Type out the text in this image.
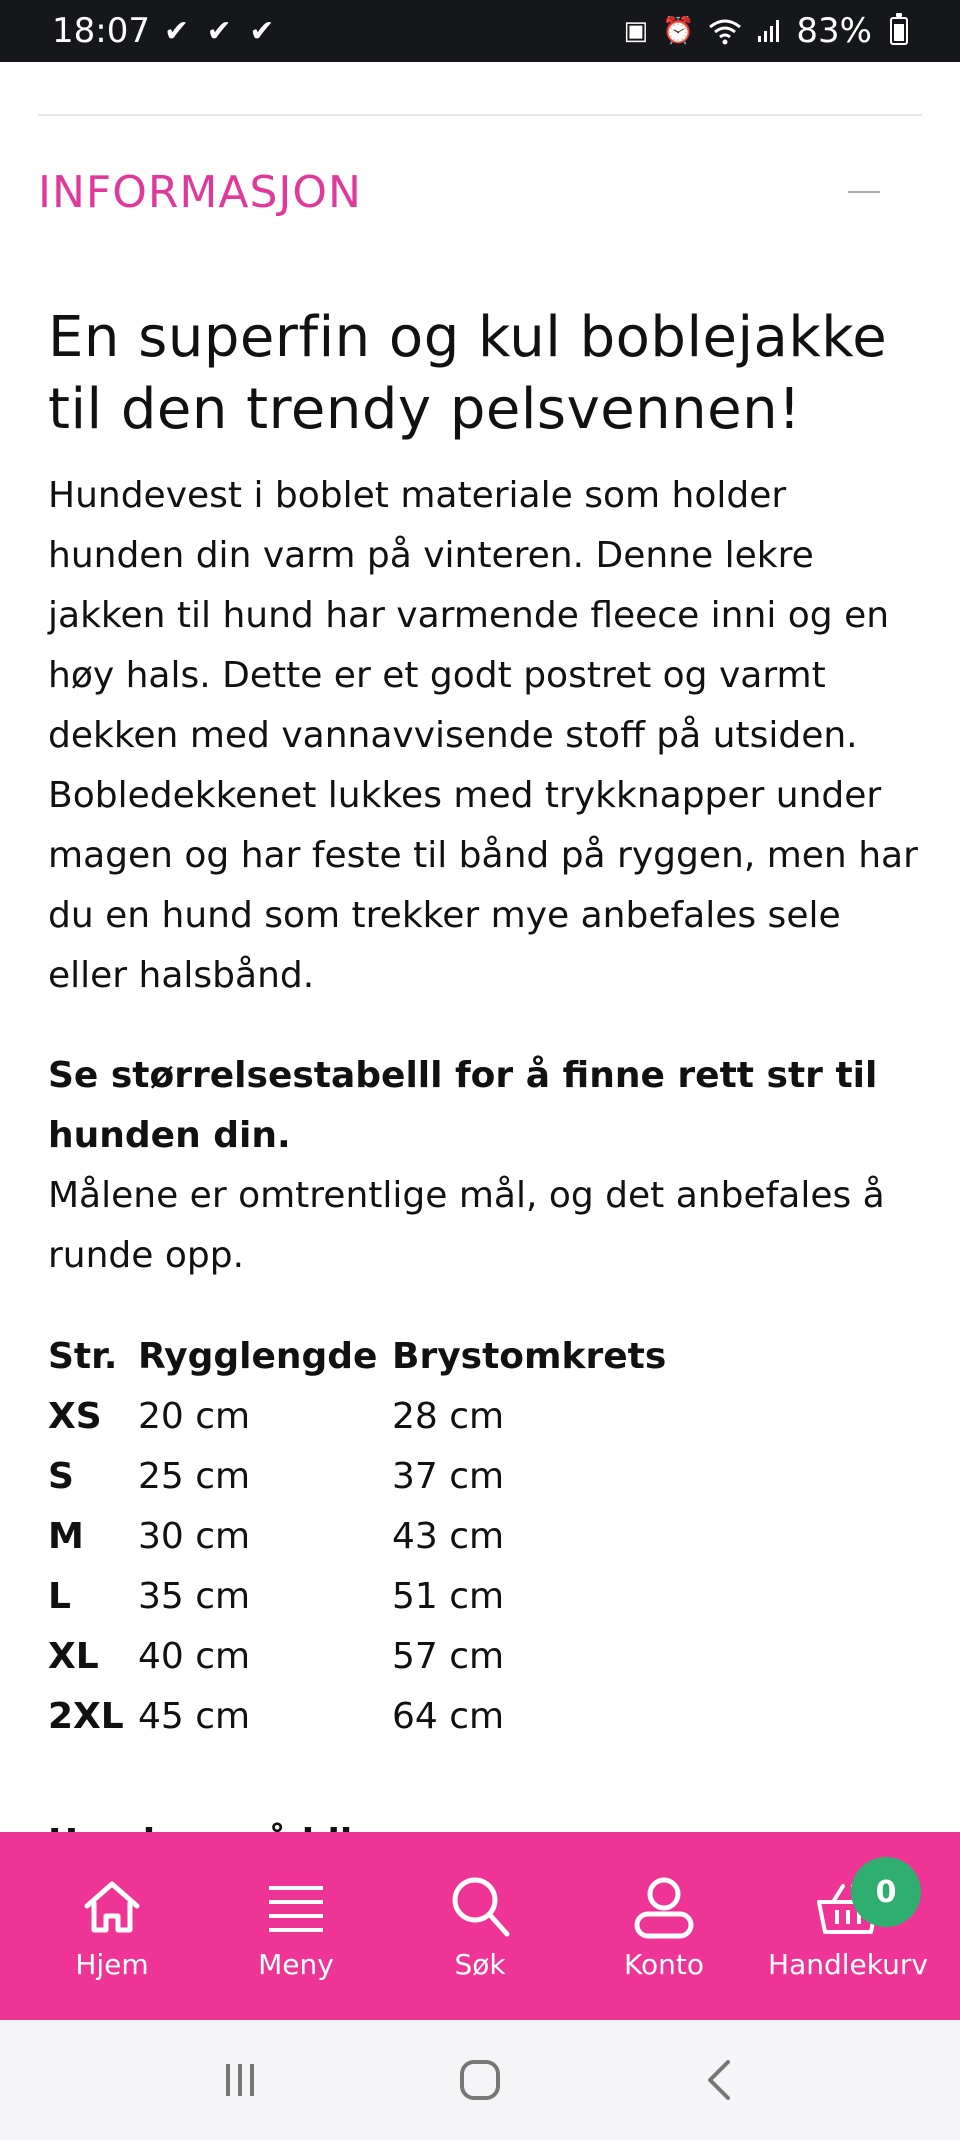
18:07 ✔ ✔ ✔	▣ ⏰	83%
INFORMASJON
En superfin og kul boblejakke til den trendy pelsvennen!

Hundevest i boblet materiale som holder hunden din varm på vinteren. Denne lekre jakken til hund har varmende fleece inni og en høy hals. Dette er et godt postret og varmt dekken med vannavvisende stoff på utsiden. Bobledekkenet lukkes med trykknapper under magen og har feste til bånd på ryggen, men har du en hund som trekker mye anbefales sele eller halsbånd.

Se størrelsestabelll for å finne rett str til hunden din.

Målene er omtrentlige mål, og det anbefales å runde opp.

Str.	Rygglengde	Brystomkrets
XS	20 cm	28 cm
S	25 cm	37 cm
M	30 cm	43 cm
L	35 cm	51 cm
XL	40 cm	57 cm
2XL	45 cm	64 cm
Hjem	Meny	Søk	Konto Handlekurv
0
